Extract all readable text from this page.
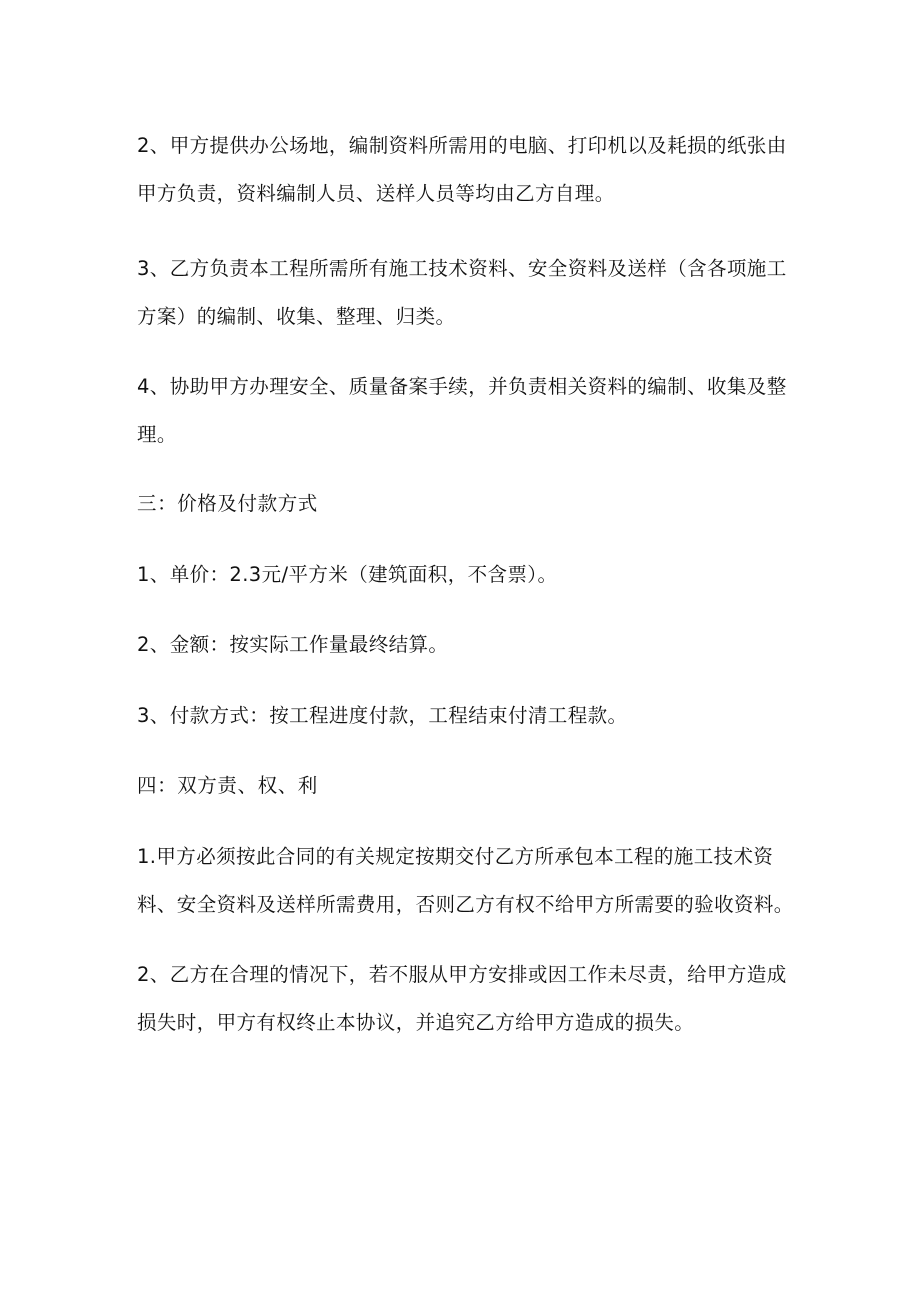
2、甲方提供办公场地，编制资料所需用的电脑、打印机以及耗损的纸张由甲方负责，资料编制人员、送样人员等均由乙方自理。

3、乙方负责本工程所需所有施工技术资料、安全资料及送样（含各项施工方案）的编制、收集、整理、归类。

4、协助甲方办理安全、质量备案手续，并负责相关资料的编制、收集及整理。

三：价格及付款方式

1、单价：2.3元/平方米（建筑面积，不含票）。

2、金额：按实际工作量最终结算。

3、付款方式：按工程进度付款，工程结束付清工程款。

四：双方责、权、利

1.甲方必须按此合同的有关规定按期交付乙方所承包本工程的施工技术资料、安全资料及送样所需费用，否则乙方有权不给甲方所需要的验收资料。

2、乙方在合理的情况下，若不服从甲方安排或因工作未尽责，给甲方造成损失时，甲方有权终止本协议，并追究乙方给甲方造成的损失。
